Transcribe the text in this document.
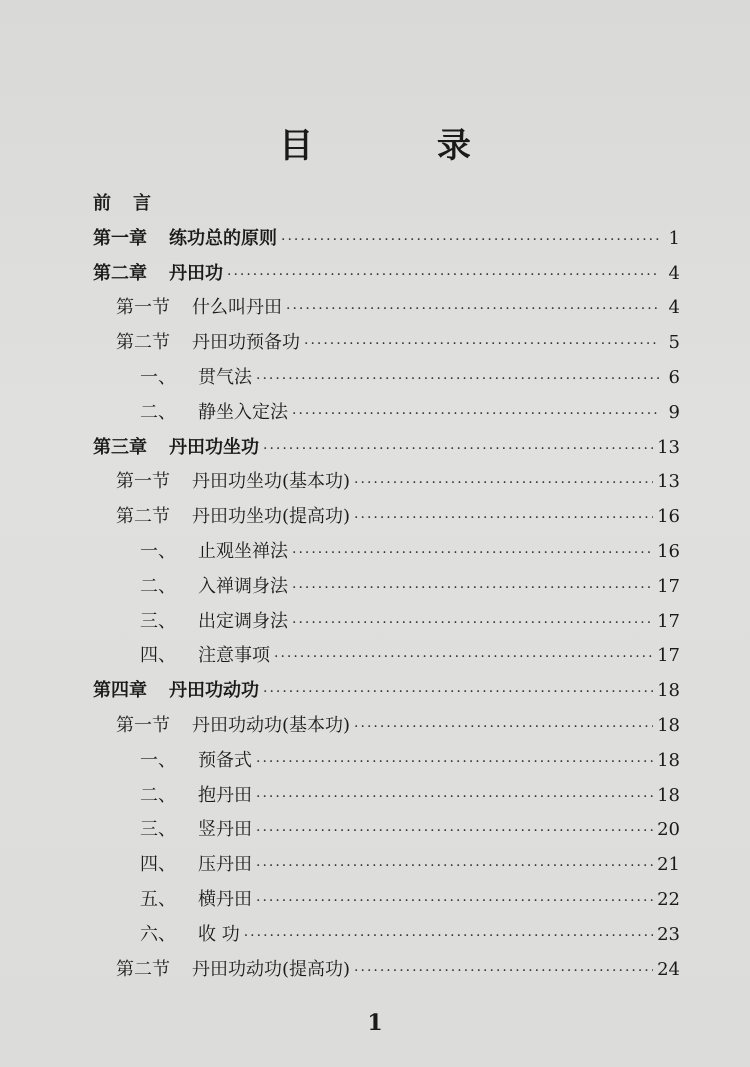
目 录
前 言
第一章 练功总的原则 ·····	1
第二章 丹田功 ·····	4
第一节 什么叫丹田 ·····	4
第二节 丹田功预备功 ·····	5
一、 贯气法 ·····	6
二、 静坐入定法 ·····	9
第三章 丹田功坐功 ·····	13
第一节 丹田功坐功(基本功) ·····	13
第二节 丹田功坐功(提高功) ·····	16
一、 止观坐禅法 ·····	16
二、 入禅调身法 ·····	17
三、 出定调身法 ·····	17
四、 注意事项 ·····	17
第四章 丹田功动功 ·····	18
第一节 丹田功动功(基本功) ·····	18
一、 预备式 ·····	18
二、 抱丹田 ·····	18
三、 竖丹田 ·····	20
四、 压丹田 ·····	21
五、 横丹田 ·····	22
六、 收 功 ·····	23
第二节 丹田功动功(提高功) ·····	24
1
